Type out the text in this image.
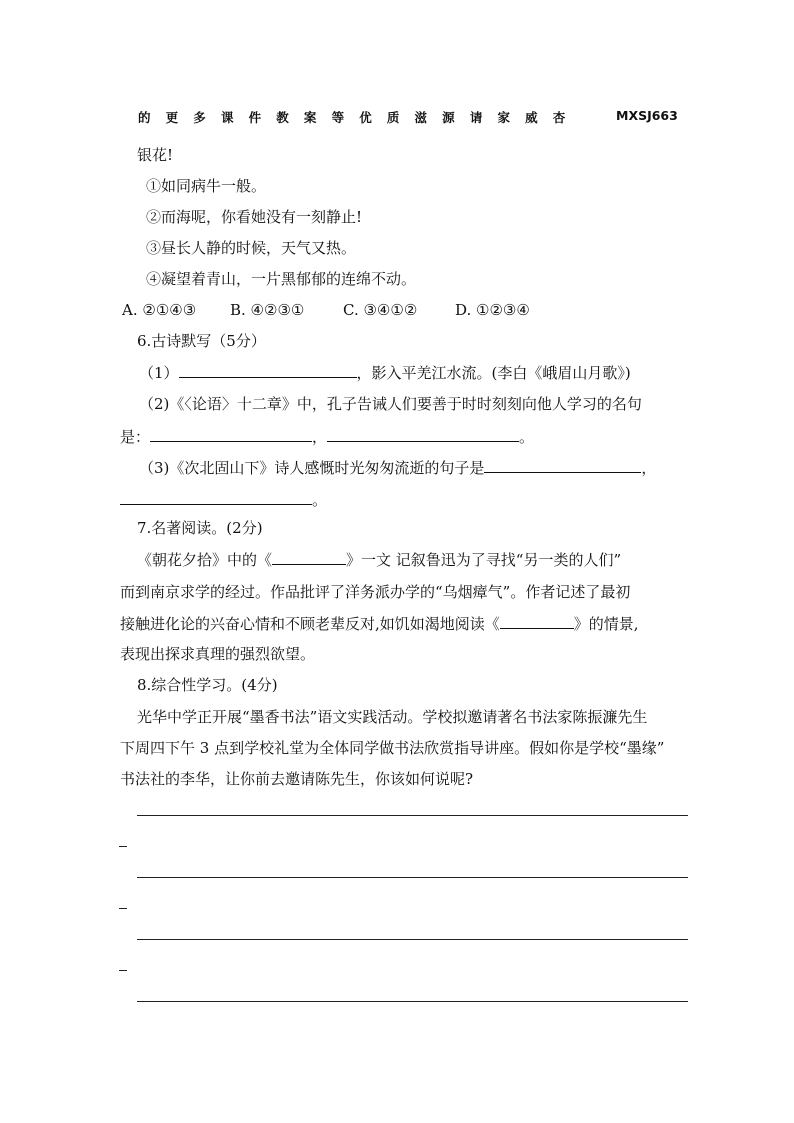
的 更 多 课 件 教 案 等 优 质 滋 源 请 家 威 杏	MXSJ663
银花!
①如同病牛一般。
②而海呢，你看她没有一刻静止!
③昼长人静的时候，天气又热。
④凝望着青山，一片黑郁郁的连绵不动。
A. ②①④③ B. ④②③①	C. ③④①②	D. ①②③④
6.古诗默写（5分）
（1）	，影入平羌江水流。(李白《峨眉山月歌》)
（2)《〈论语〉十二章》中，孔子告诫人们要善于时时刻刻向他人学习的名句
是：	，	。
（3)《次北固山下》诗人感慨时光匆匆流逝的句子是	，
。
7.名著阅读。(2分)
《朝花夕拾》中的《	》一文 记叙鲁迅为了寻找“另一类的人们”
而到南京求学的经过。作品批评了洋务派办学的“乌烟瘴气”。作者记述了最初
接触进化论的兴奋心情和不顾老辈反对,如饥如渴地阅读《	》的情景,
表现出探求真理的强烈欲望。
8.综合性学习。(4分)
光华中学正开展“墨香书法”语文实践活动。学校拟邀请著名书法家陈振濂先生
下周四下午 3 点到学校礼堂为全体同学做书法欣赏指导讲座。假如你是学校“墨缘”
书法社的李华，让你前去邀请陈先生，你该如何说呢?
